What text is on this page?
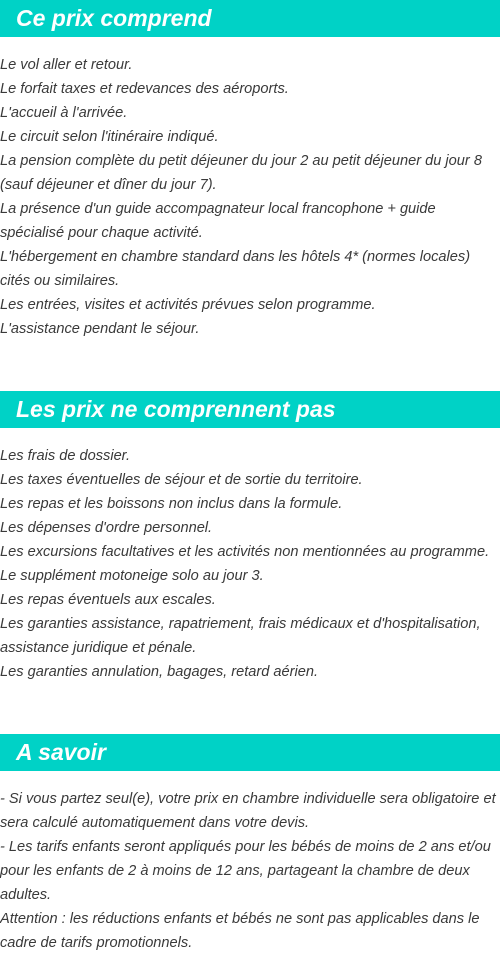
Ce prix comprend
Le vol aller et retour.
Le forfait taxes et redevances des aéroports.
L'accueil à l'arrivée.
Le circuit selon l'itinéraire indiqué.
La pension complète du petit déjeuner du jour 2 au petit déjeuner du jour 8 (sauf déjeuner et dîner du jour 7).
La présence d'un guide accompagnateur local francophone + guide spécialisé pour chaque activité.
L'hébergement en chambre standard dans les hôtels 4* (normes locales) cités ou similaires.
Les entrées, visites et activités prévues selon programme.
L'assistance pendant le séjour.
Les prix ne comprennent pas
Les frais de dossier.
Les taxes éventuelles de séjour et de sortie du territoire.
Les repas et les boissons non inclus dans la formule.
Les dépenses d'ordre personnel.
Les excursions facultatives et les activités non mentionnées au programme.
Le supplément motoneige solo au jour 3.
Les repas éventuels aux escales.
Les garanties assistance, rapatriement, frais médicaux et d'hospitalisation, assistance juridique et pénale.
Les garanties annulation, bagages, retard aérien.
A savoir
- Si vous partez seul(e), votre prix en chambre individuelle sera obligatoire et sera calculé automatiquement dans votre devis.
- Les tarifs enfants seront appliqués pour les bébés de moins de 2 ans et/ou pour les enfants de 2 à moins de 12 ans, partageant la chambre de deux adultes.
Attention : les réductions enfants et bébés ne sont pas applicables dans le cadre de tarifs promotionnels.
